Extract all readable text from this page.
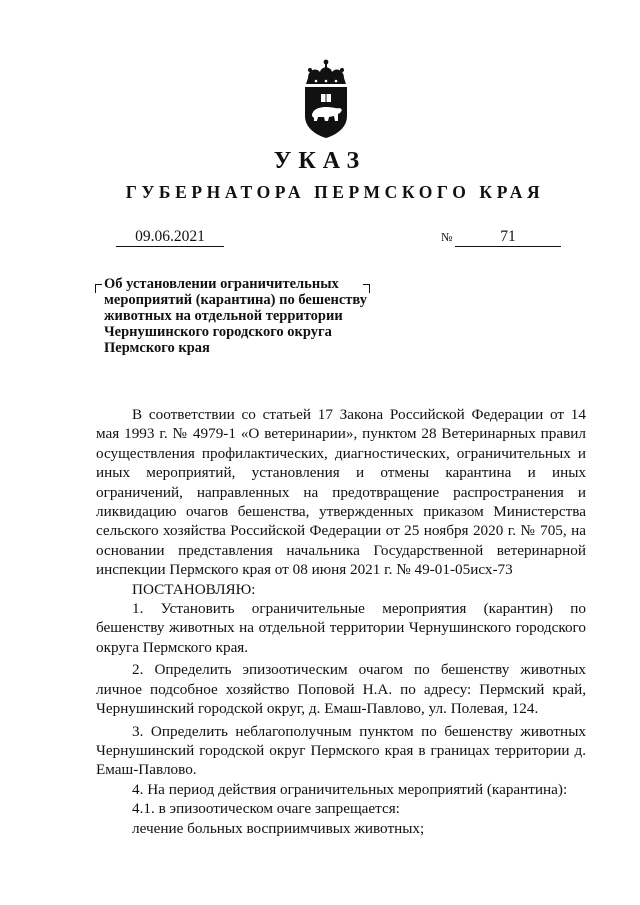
УКАЗ
ГУБЕРНАТОРА ПЕРМСКОГО КРАЯ
09.06.2021	№	71
Об установлении ограничительных
мероприятий (карантина) по бешенству
животных на отдельной территории
Чернушинского городского округа
Пермского края

В соответствии со статьей 17 Закона Российской Федерации от 14 мая 1993 г. № 4979-1 «О ветеринарии», пунктом 28 Ветеринарных правил осуществления профилактических, диагностических, ограничительных и иных мероприятий, установления и отмены карантина и иных ограничений, направленных на предотвращение распространения и ликвидацию очагов бешенства, утвержденных приказом Министерства сельского хозяйства Российской Федерации от 25 ноября 2020 г. № 705, на основании представления начальника Государственной ветеринарной инспекции Пермского края от 08 июня 2021 г. № 49-01-05исх-73

ПОСТАНОВЛЯЮ:

1. Установить ограничительные мероприятия (карантин) по бешенству животных на отдельной территории Чернушинского городского округа Пермского края.

2. Определить эпизоотическим очагом по бешенству животных личное подсобное хозяйство Поповой Н.А. по адресу: Пермский край, Чернушинский городской округ, д. Емаш-Павлово, ул. Полевая, 124.

3. Определить неблагополучным пунктом по бешенству животных Чернушинский городской округ Пермского края в границах территории д. Емаш-Павлово.

4. На период действия ограничительных мероприятий (карантина):

4.1. в эпизоотическом очаге запрещается:

лечение больных восприимчивых животных;
